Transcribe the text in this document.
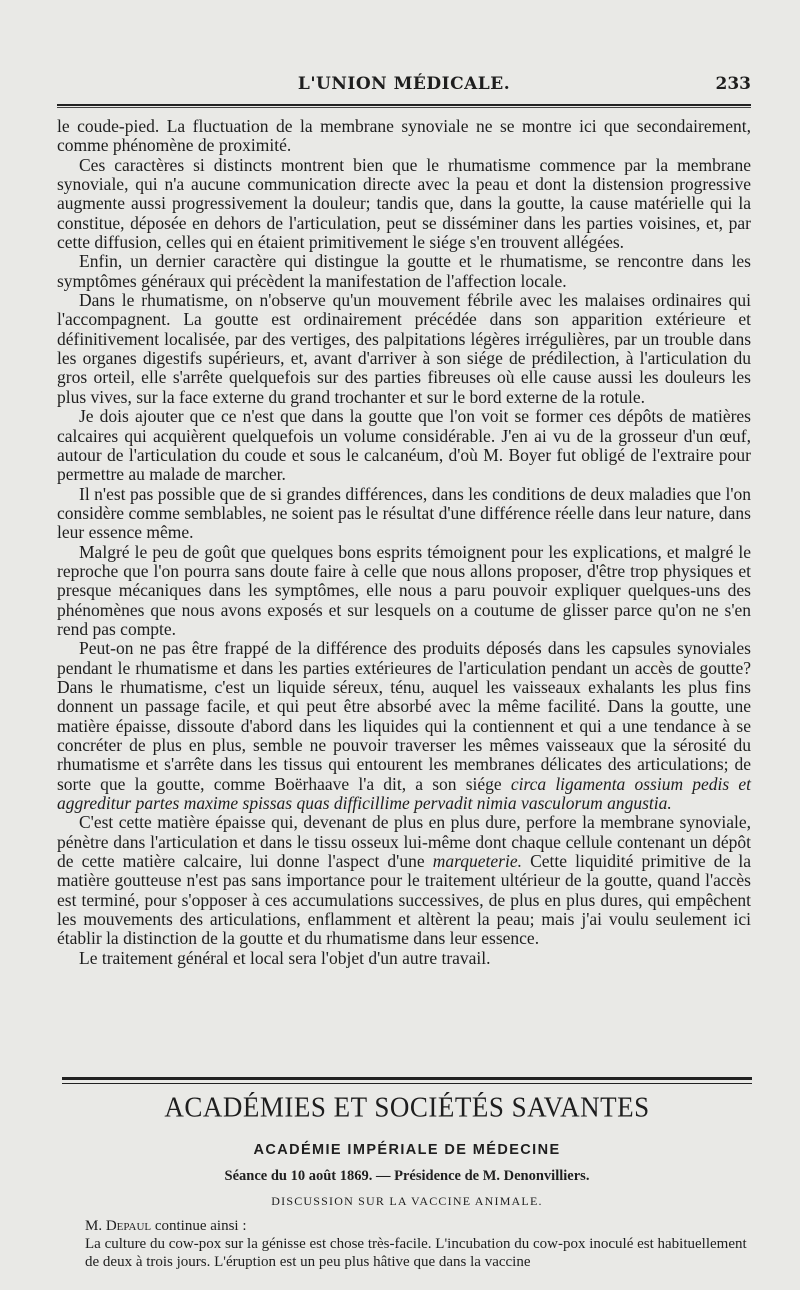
L'UNION MÉDICALE.	233

le coude-pied. La fluctuation de la membrane synoviale ne se montre ici que secondairement, comme phénomène de proximité.

Ces caractères si distincts montrent bien que le rhumatisme commence par la membrane synoviale, qui n'a aucune communication directe avec la peau et dont la distension progressive augmente aussi progressivement la douleur; tandis que, dans la goutte, la cause matérielle qui la constitue, déposée en dehors de l'articulation, peut se disséminer dans les parties voisines, et, par cette diffusion, celles qui en étaient primitivement le siége s'en trouvent allégées.

Enfin, un dernier caractère qui distingue la goutte et le rhumatisme, se rencontre dans les symptômes généraux qui précèdent la manifestation de l'affection locale.

Dans le rhumatisme, on n'observe qu'un mouvement fébrile avec les malaises ordinaires qui l'accompagnent. La goutte est ordinairement précédée dans son apparition extérieure et définitivement localisée, par des vertiges, des palpitations légères irrégulières, par un trouble dans les organes digestifs supérieurs, et, avant d'arriver à son siége de prédilection, à l'articulation du gros orteil, elle s'arrête quelquefois sur des parties fibreuses où elle cause aussi les douleurs les plus vives, sur la face externe du grand trochanter et sur le bord externe de la rotule.

Je dois ajouter que ce n'est que dans la goutte que l'on voit se former ces dépôts de matières calcaires qui acquièrent quelquefois un volume considérable. J'en ai vu de la grosseur d'un œuf, autour de l'articulation du coude et sous le calcanéum, d'où M. Boyer fut obligé de l'extraire pour permettre au malade de marcher.

Il n'est pas possible que de si grandes différences, dans les conditions de deux maladies que l'on considère comme semblables, ne soient pas le résultat d'une différence réelle dans leur nature, dans leur essence même.

Malgré le peu de goût que quelques bons esprits témoignent pour les explications, et malgré le reproche que l'on pourra sans doute faire à celle que nous allons proposer, d'être trop physiques et presque mécaniques dans les symptômes, elle nous a paru pouvoir expliquer quelques-uns des phénomènes que nous avons exposés et sur lesquels on a coutume de glisser parce qu'on ne s'en rend pas compte.

Peut-on ne pas être frappé de la différence des produits déposés dans les capsules synoviales pendant le rhumatisme et dans les parties extérieures de l'articulation pendant un accès de goutte? Dans le rhumatisme, c'est un liquide séreux, ténu, auquel les vaisseaux exhalants les plus fins donnent un passage facile, et qui peut être absorbé avec la même facilité. Dans la goutte, une matière épaisse, dissoute d'abord dans les liquides qui la contiennent et qui a une tendance à se concréter de plus en plus, semble ne pouvoir traverser les mêmes vaisseaux que la sérosité du rhumatisme et s'arrête dans les tissus qui entourent les membranes délicates des articulations; de sorte que la goutte, comme Boërhaave l'a dit, a son siége circa ligamenta ossium pedis et aggreditur partes maxime spissas quas difficillime pervadit nimia vasculorum angustia.

C'est cette matière épaisse qui, devenant de plus en plus dure, perfore la membrane synoviale, pénètre dans l'articulation et dans le tissu osseux lui-même dont chaque cellule contenant un dépôt de cette matière calcaire, lui donne l'aspect d'une marqueterie. Cette liquidité primitive de la matière goutteuse n'est pas sans importance pour le traitement ultérieur de la goutte, quand l'accès est terminé, pour s'opposer à ces accumulations successives, de plus en plus dures, qui empêchent les mouvements des articulations, enflamment et altèrent la peau; mais j'ai voulu seulement ici établir la distinction de la goutte et du rhumatisme dans leur essence.

Le traitement général et local sera l'objet d'un autre travail.

ACADÉMIES ET SOCIÉTÉS SAVANTES
ACADÉMIE IMPÉRIALE DE MÉDECINE
Séance du 10 août 1869. — Présidence de M. Denonvilliers.
DISCUSSION SUR LA VACCINE ANIMALE.

M. Depaul continue ainsi :

La culture du cow-pox sur la génisse est chose très-facile. L'incubation du cow-pox inoculé est habituellement de deux à trois jours. L'éruption est un peu plus hâtive que dans la vaccine
